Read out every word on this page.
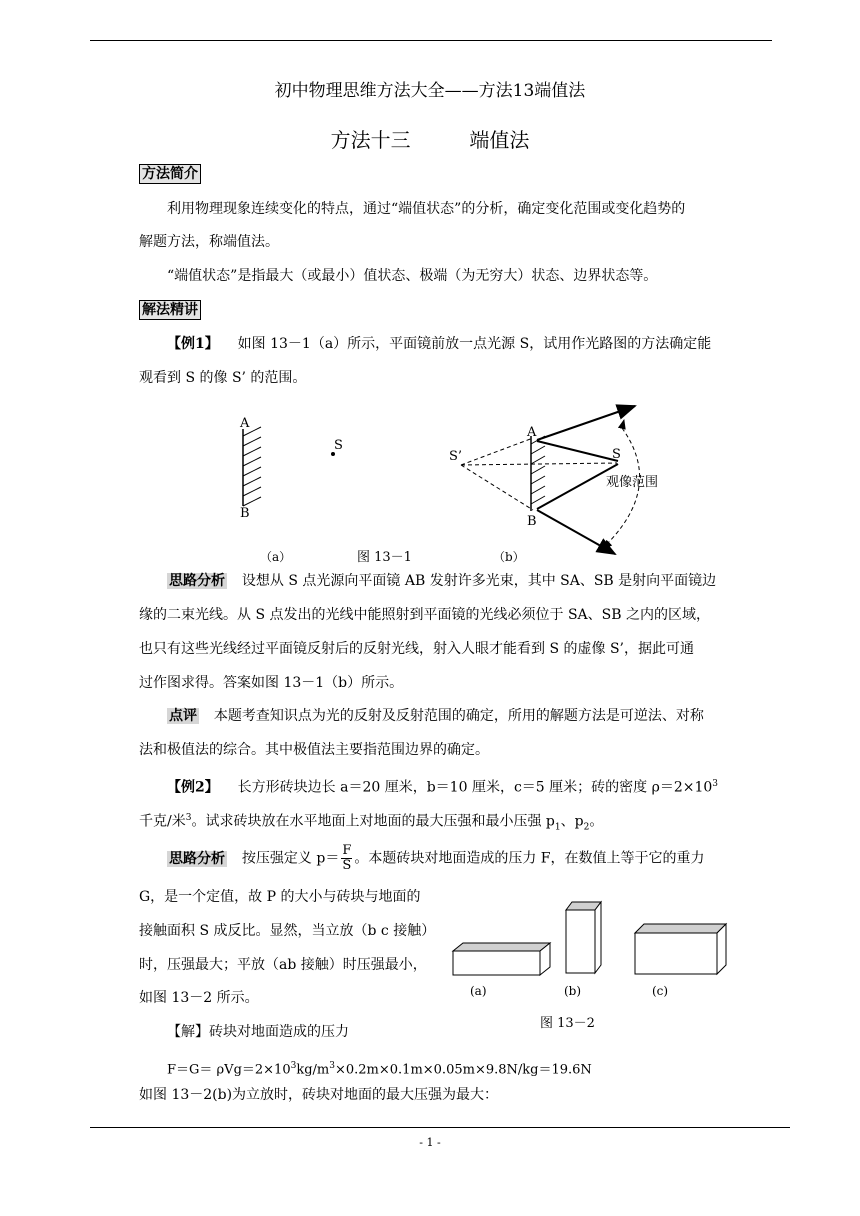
初中物理思维方法大全——方法13端值法
方法十三	端值法
方法简介
利用物理现象连续变化的特点，通过“端值状态”的分析，确定变化范围或变化趋势的
解题方法，称端值法。
“端值状态”是指最大（或最小）值状态、极端（为无穷大）状态、边界状态等。
解法精讲
【例1】 如图 13－1（a）所示，平面镜前放一点光源 S，试用作光路图的方法确定能
观看到 S 的像 S’ 的范围。
A
B
S
A
B
S’	S
观像范围
（a）	图 13－1	（b）
思路分析 设想从 S 点光源向平面镜 AB 发射许多光束，其中 SA、SB 是射向平面镜边
缘的二束光线。从 S 点发出的光线中能照射到平面镜的光线必须位于 SA、SB 之内的区域，
也只有这些光线经过平面镜反射后的反射光线，射入人眼才能看到 S 的虚像 S’，据此可通
过作图求得。答案如图 13－1（b）所示。
点评 本题考查知识点为光的反射及反射范围的确定，所用的解题方法是可逆法、对称
法和极值法的综合。其中极值法主要指范围边界的确定。
【例2】 长方形砖块边长 a＝20 厘米，b＝10 厘米，c＝5 厘米；砖的密度 $\rho=2\times 10^3$
千克/米$^3$。试求砖块放在水平地面上对地面的最大压强和最小压强 $p_1$、$p_2$。
思路分析 按压强定义 $p= \frac{F}{S}$ 。本题砖块对地面造成的压力 F，在数值上等于它的重力
G，是一个定值，故 P 的大小与砖块与地面的
接触面积 S 成反比。显然，当立放（b c 接触）
时，压强最大；平放（ab 接触）时压强最小，
如图 13－2 所示。	(a)	(b)	(c)
图 13－2
【解】砖块对地面造成的压力
$F=G= \rho Vg=2\times 10^3kg/m^3\times 0.2m\times 0.1m\times 0.05m\times 9.8N/kg=19.6N$
如图 13－2(b)为立放时，砖块对地面的最大压强为最大：
- 1 -
